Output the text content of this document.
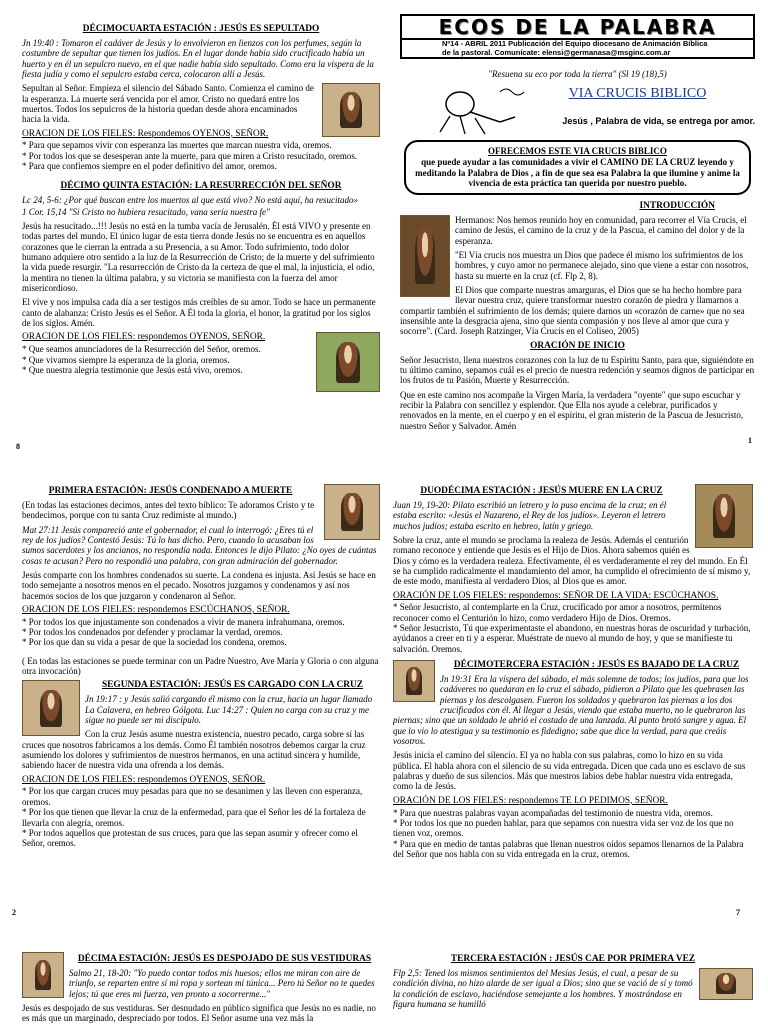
DÉCIMOCUARTA ESTACIÓN : JESÚS ES SEPULTADO

Jn 19:40 : Tomaron el cadáver de Jesús y lo envolvieron en lienzos con los perfumes, según la costumbre de sepultar que tienen los judíos. En el lugar donde había sido crucificado había un huerto y en él un sepulcro nuevo, en el que nadie había sido sepultado. Como era la víspera de la fiesta judía y como el sepulcro estaba cerca, colocaron allí a Jesús.

Sepultan al Señor. Empieza el silencio del Sábado Santo. Comienza el camino de la esperanza. La muerte será vencida por el amor. Cristo no quedará entre los muertos. Todos los sepulcros de la historia quedan desde ahora encaminados hacia la vida.

ORACION DE LOS FIELES: Respondemos OYENOS, SEÑOR.
* Para que sepamos vivir con esperanza las muertes que marcan nuestra vida, oremos.
* Por todos los que se desesperan ante la muerte, para que miren a Cristo resucitado, oremos.
* Para que confiemos siempre en el poder definitivo del amor, oremos.
DÉCIMO QUINTA ESTACIÓN: LA RESURRECCIÓN DEL SEÑOR

Lc 24, 5-6: ¿Por qué buscan entre los muertos al que está vivo? No está aquí, ha resucitado»

1 Cor. 15,14 "Si Cristo no hubiera resucitado, vana sería nuestra fe"

Jesús ha resucitado...!!! Jesús no está en la tumba vacía de Jerusalén. Él está VIVO y presente en todas partes del mundo. El único lugar de esta tierra donde Jesús no se encuentra es en aquellos corazones que le cierran la entrada a su Presencia, a su Amor. Todo sufrimiento, todo dolor humano adquiere otro sentido a la luz de la Resurrección de Cristo; de la muerte y del sufrimiento la vida puede resurgir. "La resurrección de Cristo da la certeza de que el mal, la injusticia, el odio, la mentira no tienen la última palabra, y su victoria se manifiesta con la fuerza del amor misericordioso.

El vive y nos impulsa cada día a ser testigos más creíbles de su amor. Todo se hace un permanente canto de alabanza: Cristo Jesús es el Señor. A Él toda la gloria, el honor, la gratitud por los siglos de los siglos. Amén.

ORACION DE LOS FIELES: respondemos OYENOS, SEÑOR.
* Que seamos anunciadores de la Resurrección del Señor, oremos.
* Que vivamos siempre la esperanza de la gloria, oremos.
* Que nuestra alegría testimonie que Jesús está vivo, oremos.
8
ECOS DE LA PALABRA
Nº14 - ABRIL 2011 Publicación del Equipo diocesano de Animación Bíblica
de la pastoral. Comunícate: elensi@germanasa@msginc.com.ar
"Resuena su eco por toda la tierra" (Sl 19 (18),5)
VIA CRUCIS BIBLICO
Jesús , Palabra de vida, se entrega por amor.
OFRECEMOS ESTE VIA CRUCIS BIBLICO
que puede ayudar a las comunidades a vivir el CAMINO DE LA CRUZ leyendo y meditando la Palabra de Dios , a fin de que sea esa Palabra la que ilumine y anime la vivencia de esta práctica tan querida por nuestro pueblo.
INTRODUCCIÓN

Hermanos: Nos hemos reunido hoy en comunidad, para recorrer el Vía Crucis, el camino de Jesús, el camino de la cruz y de la Pascua, el camino del dolor y de la esperanza.

"El Vía crucis nos muestra un Dios que padece él mismo los sufrimientos de los hombres, y cuyo amor no permanece alejado, sino que viene a estar con nosotros, hasta su muerte en la cruz (cf. Flp 2, 8).

El Dios que comparte nuestras amarguras, el Dios que se ha hecho hombre para llevar nuestra cruz, quiere transformar nuestro corazón de piedra y llamarnos a compartir también el sufrimiento de los demás; quiere darnos un «corazón de carne» que no sea insensible ante la desgracia ajena, sino que sienta compasión y nos lleve al amor que cura y socorre". (Card. Joseph Ratzinger, Vía Crucis en el Coliseo, 2005)

ORACIÓN DE INICIO

Señor Jesucristo, llena nuestros corazones con la luz de tu Espíritu Santo, para que, siguiéndote en tu último camino, sepamos cuál es el precio de nuestra redención y seamos dignos de participar en los frutos de tu Pasión, Muerte y Resurrección.

Que en este camino nos acompañe la Virgen María, la verdadera "oyente" que supo escuchar y recibir la Palabra con sencillez y esplendor. Que Ella nos ayude a celebrar, purificados y renovados en la mente, en el cuerpo y en el espíritu, el gran misterio de la Pascua de Jesucristo, nuestro Señor y Salvador. Amén

1
PRIMERA ESTACIÓN: JESÚS CONDENADO A MUERTE

(En todas las estaciones decimos, antes del texto bíblico: Te adoramos Cristo y te bendecimos, porque con tu santa Cruz redimiste al mundo.)

Mat 27:11 Jesús compareció ante el gobernador, el cual lo interrogó: ¿Eres tú el rey de los judíos? Contestó Jesús: Tú lo has dicho. Pero, cuando lo acusaban los sumos sacerdotes y los ancianos, no respondía nada. Entonces le dijo Pilato: ¿No oyes de cuántas cosas te acusan? Pero no respondió una palabra, con gran admiración del gobernador.

Jesús comparte con los hombres condenados su suerte. La condena es injusta. Así Jesús se hace en todo semejante a nosotros menos en el pecado. Nosotros juzgamos y condenamos y así nos hacemos socios de los que juzgaron y condenaron al Señor.

ORACION DE LOS FIELES: respondemos ESCÚCHANOS, SEÑOR.
* Por todos los que injustamente son condenados a vivir de manera infrahumana, oremos.
* Por todos los condenados por defender y proclamar la verdad, oremos.
* Por los que dan su vida a pesar de que la sociedad los condena, oremos.

( En todas las estaciones se puede terminar con un Padre Nuestro, Ave María y Gloria o con alguna otra invocación)

SEGUNDA ESTACIÓN: JESÚS ES CARGADO CON LA CRUZ

Jn 19:17 : y Jesús salió cargando él mismo con la cruz, hacia un lugar llamado La Calavera, en hebreo Gólgota. Luc 14:27 : Quien no carga con su cruz y me sigue no puede ser mi discípulo.

Con la cruz Jesús asume nuestra existencia, nuestro pecado, carga sobre sí las cruces que nosotros fabricamos a los demás. Como Él también nosotros debemos cargar la cruz asumiendo los dolores y sufrimientos de nuestros hermanos, en una actitud sincera y humilde, sabiendo hacer de nuestra vida una ofrenda a los demás.

ORACION DE LOS FIELES: respondemos OYENOS, SEÑOR.
* Por los que cargan cruces muy pesadas para que no se desanimen y las lleven con esperanza, oremos.
* Por los que tienen que llevar la cruz de la enfermedad, para que el Señor les dé la fortaleza de llevarla con alegría, oremos.
* Por todos aquellos que protestan de sus cruces, para que las sepan asumir y ofrecer como el Señor, oremos.
2
DUODÉCIMA ESTACIÓN : JESÚS MUERE EN LA CRUZ

Juan 19, 19-20: Pilato escribió un letrero y lo puso encima de la cruz; en él estaba escrito: «Jesús el Nazareno, el Rey de los judíos». Leyeron el letrero muchos judíos; estaba escrito en hebreo, latín y griego.

Sobre la cruz, ante el mundo se proclama la realeza de Jesús. Además el centurión romano reconoce y entiende que Jesús es el Hijo de Dios. Ahora sabemos quién es Dios y cómo es la verdadera realeza. Efectivamente, él es verdaderamente el rey del mundo. En Él se ha cumplido radicalmente el mandamiento del amor, ha cumplido el ofrecimiento de sí mismo y, de este modo, manifiesta al verdadero Dios, al Dios que es amor.

ORACIÓN DE LOS FIELES: respondemos: SEÑOR DE LA VIDA: ESCÚCHANOS.
* Señor Jesucristo, al contemplarte en la Cruz, crucificado por amor a nosotros, permítenos reconocer como el Centurión lo hizo, como verdadero Hijo de Dios. Oremos.
* Señor Jesucristo, Tú que experimentaste el abandono, en nuestras horas de oscuridad y turbación, ayúdanos a creer en ti y a esperar. Muéstrate de nuevo al mundo de hoy, y que se manifieste tu salvación. Oremos.
DÉCIMOTERCERA ESTACIÓN : JESÚS ES BAJADO DE LA CRUZ

Jn 19:31 Era la víspera del sábado, el más solemne de todos; los judíos, para que los cadáveres no quedaran en la cruz el sábado, pidieron a Pilato que les quebrasen las piernas y los descolgasen. Fueron los soldados y quebraron las piernas a los dos crucificados con él. Al llegar a Jesús, viendo que estaba muerto, no le quebraron las piernas; sino que un soldado le abrió el costado de una lanzada. Al punto brotó sangre y agua. El que lo vio lo atestigua y su testimonio es fidedigno; sabe que dice la verdad, para que creáis vosotros.

Jesús inicia el camino del silencio. El ya no habla con sus palabras, como lo hizo en su vida pública. El habla ahora con el silencio de su vida entregada. Dicen que cada uno es esclavo de sus palabras y dueño de sus silencios. Más que nuestros labios debe hablar nuestra vida entregada, como la de Jesús.

ORACIÓN DE LOS FIELES: respondemos TE LO PEDIMOS, SEÑOR.
* Para que nuestras palabras vayan acompañadas del testimonio de nuestra vida, oremos.
* Por todos los que no pueden hablar, para que sepamos con nuestra vida ser voz de los que no tienen voz, oremos.
* Para que en medio de tantas palabras que llenan nuestros oídos sepamos llenarnos de la Palabra del Señor que nos habla con su vida entregada en la cruz, oremos.
7
DÉCIMA ESTACIÓN: JESÚS ES DESPOJADO DE SUS VESTIDURAS

Salmo 21, 18-20: "Yo puedo contar todos mis huesos; ellos me miran con aire de triunfo, se reparten entre sí mi ropa y sortean mi túnica... Pero tú Señor no te quedes lejos; tú que eres mi fuerza, ven pronto a socorrerme..."

Jesús es despojado de sus vestiduras. Ser desnudado en público significa que Jesús no es nadie, no es más que un marginado, despreciado por todos. El Señor asume una vez más la

TERCERA ESTACIÓN : JESÚS CAE POR PRIMERA VEZ

Flp 2,5: Tened los mismos sentimientos del Mesías Jesús, el cual, a pesar de su condición divina, no hizo alarde de ser igual a Dios; sino que se vació de sí y tomó la condición de esclavo, haciéndose semejante a los hombres. Y mostrándose en figura humana se humilló
